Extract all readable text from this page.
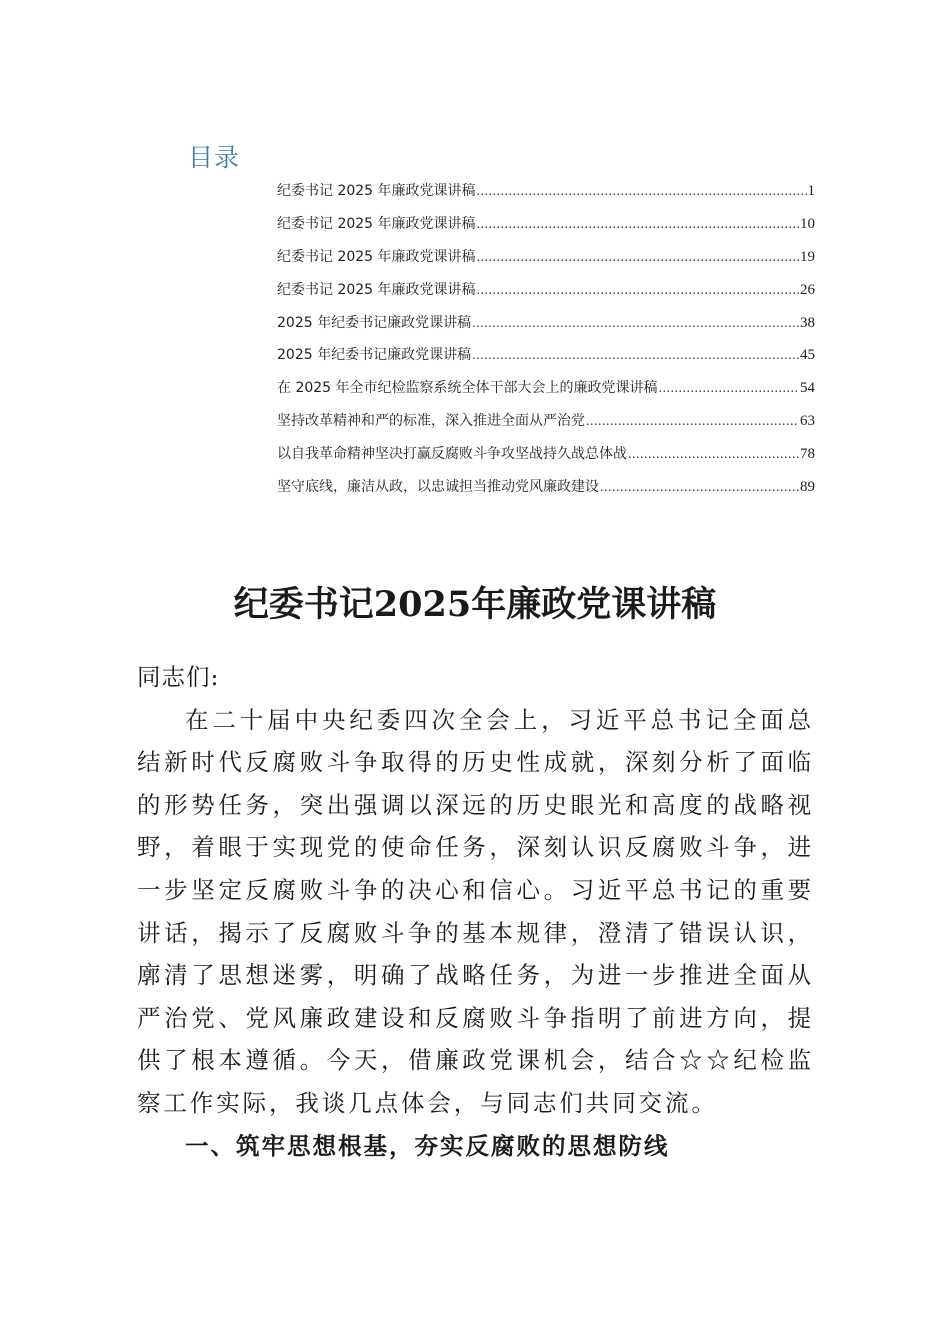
目录
纪委书记 2025 年廉政党课讲稿 .....	1
纪委书记 2025 年廉政党课讲稿 .....	10
纪委书记 2025 年廉政党课讲稿 .....	19
纪委书记 2025 年廉政党课讲稿 .....	26
2025 年纪委书记廉政党课讲稿 .....	38
2025 年纪委书记廉政党课讲稿 .....	45
在 2025 年全市纪检监察系统全体干部大会上的廉政党课讲稿 .....	54
坚持改革精神和严的标准，深入推进全面从严治党 .....	63
以自我革命精神坚决打赢反腐败斗争攻坚战持久战总体战 .....	78
坚守底线，廉洁从政，以忠诚担当推动党风廉政建设 .....	89
纪委书记2025年廉政党课讲稿

同志们:

在二十届中央纪委四次全会上，习近平总书记全面总结新时代反腐败斗争取得的历史性成就，深刻分析了面临的形势任务，突出强调以深远的历史眼光和高度的战略视野，着眼于实现党的使命任务，深刻认识反腐败斗争，进一步坚定反腐败斗争的决心和信心。习近平总书记的重要讲话，揭示了反腐败斗争的基本规律，澄清了错误认识，廓清了思想迷雾，明确了战略任务，为进一步推进全面从严治党、党风廉政建设和反腐败斗争指明了前进方向，提供了根本遵循。今天，借廉政党课机会，结合☆☆纪检监察工作实际，我谈几点体会，与同志们共同交流。

一、筑牢思想根基，夯实反腐败的思想防线
